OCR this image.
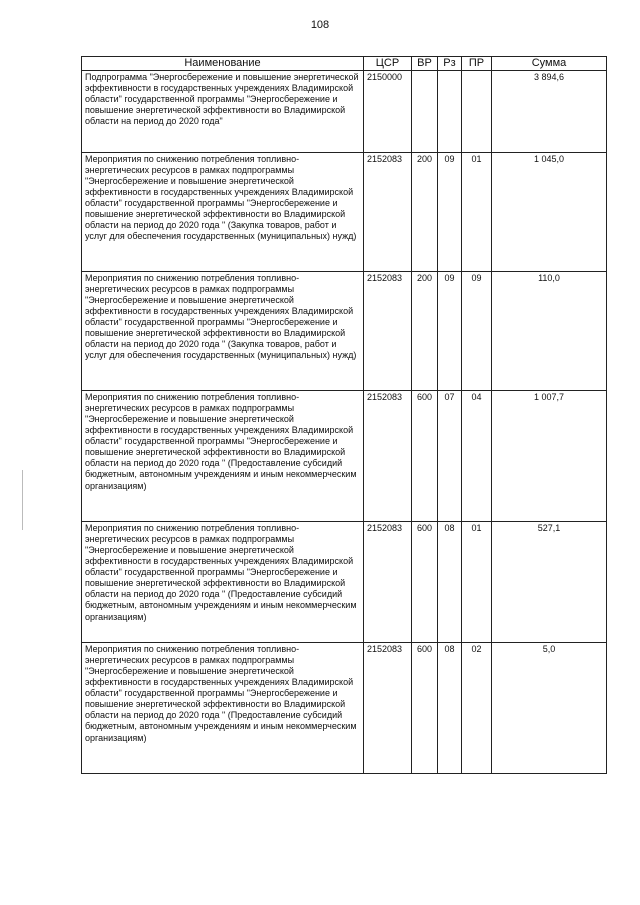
108
Наименование	ЦСР	ВР	Рз	ПР	Сумма
Подпрограмма "Энергосбережение и повышение энергетической эффективности в государственных учреждениях Владимирской области" государственной программы "Энергосбережение и повышение энергетической эффективности во Владимирской области на период до 2020 года"	2150000				3 894,6
Мероприятия по снижению потребления топливно-энергетических ресурсов в рамках подпрограммы "Энергосбережение и повышение энергетической эффективности в государственных учреждениях Владимирской области" государственной программы "Энергосбережение и повышение энергетической эффективности во Владимирской области на период до 2020 года " (Закупка товаров, работ и услуг для обеспечения государственных (муниципальных) нужд)	2152083	200	09	01	1 045,0
Мероприятия по снижению потребления топливно-энергетических ресурсов в рамках подпрограммы "Энергосбережение и повышение энергетической эффективности в государственных учреждениях Владимирской области" государственной программы "Энергосбережение и повышение энергетической эффективности во Владимирской области на период до 2020 года " (Закупка товаров, работ и услуг для обеспечения государственных (муниципальных) нужд)	2152083	200	09	09	110,0
Мероприятия по снижению потребления топливно-энергетических ресурсов в рамках подпрограммы "Энергосбережение и повышение энергетической эффективности в государственных учреждениях Владимирской области" государственной программы "Энергосбережение и повышение энергетической эффективности во Владимирской области на период до 2020 года " (Предоставление субсидий бюджетным, автономным учреждениям и иным некоммерческим организациям)	2152083	600	07	04	1 007,7
Мероприятия по снижению потребления топливно-энергетических ресурсов в рамках подпрограммы "Энергосбережение и повышение энергетической эффективности в государственных учреждениях Владимирской области" государственной программы "Энергосбережение и повышение энергетической эффективности во Владимирской области на период до 2020 года " (Предоставление субсидий бюджетным, автономным учреждениям и иным некоммерческим организациям)	2152083	600	08	01	527,1
Мероприятия по снижению потребления топливно-энергетических ресурсов в рамках подпрограммы "Энергосбережение и повышение энергетической эффективности в государственных учреждениях Владимирской области" государственной программы "Энергосбережение и повышение энергетической эффективности во Владимирской области на период до 2020 года " (Предоставление субсидий бюджетным, автономным учреждениям и иным некоммерческим организациям)	2152083	600	08	02	5,0
